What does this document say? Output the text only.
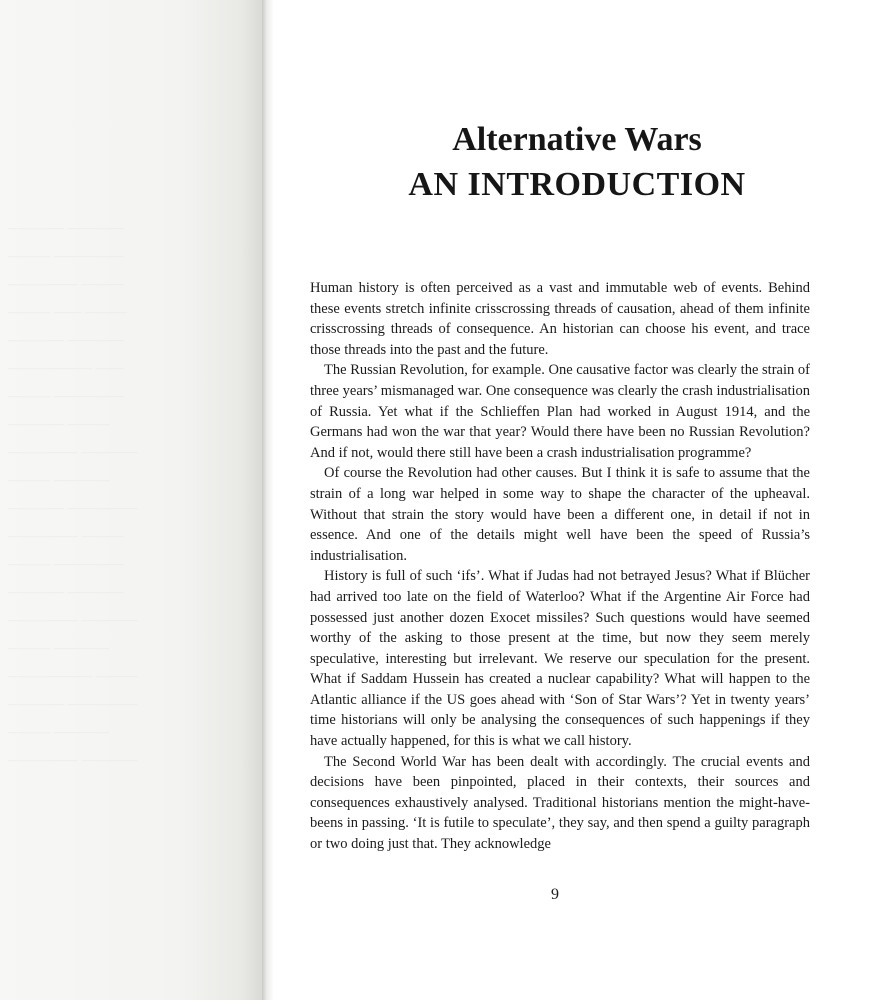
———— ————
——— —————
————— ———
——— —— ———
———— ————
—————— ——
——— —————
———— ———
————— ————
——— ————
———— —————
————— ———
——— —————
———— ————
————— ————
——— ————
—————— ———
———— —————
——— ————
————— ————
Alternative Wars
AN INTRODUCTION

Human history is often perceived as a vast and immutable web of events. Behind these events stretch infinite crisscrossing threads of causation, ahead of them infinite crisscrossing threads of consequence. An historian can choose his event, and trace those threads into the past and the future.

The Russian Revolution, for example. One causative factor was clearly the strain of three years’ mismanaged war. One consequence was clearly the crash industrialisation of Russia. Yet what if the Schlieffen Plan had worked in August 1914, and the Germans had won the war that year? Would there have been no Russian Revolution? And if not, would there still have been a crash industrialisation programme?

Of course the Revolution had other causes. But I think it is safe to assume that the strain of a long war helped in some way to shape the character of the upheaval. Without that strain the story would have been a different one, in detail if not in essence. And one of the details might well have been the speed of Russia’s industrialisation.

History is full of such ‘ifs’. What if Judas had not betrayed Jesus? What if Blücher had arrived too late on the field of Waterloo? What if the Argentine Air Force had possessed just another dozen Exocet missiles? Such questions would have seemed worthy of the asking to those present at the time, but now they seem merely speculative, interesting but irrelevant. We reserve our speculation for the present. What if Saddam Hussein has created a nuclear capability? What will happen to the Atlantic alliance if the US goes ahead with ‘Son of Star Wars’? Yet in twenty years’ time historians will only be analysing the consequences of such happenings if they have actually happened, for this is what we call history.

The Second World War has been dealt with accordingly. The crucial events and decisions have been pinpointed, placed in their contexts, their sources and consequences exhaustively analysed. Traditional historians mention the might-have-beens in passing. ‘It is futile to speculate’, they say, and then spend a guilty paragraph or two doing just that. They acknowledge

9
